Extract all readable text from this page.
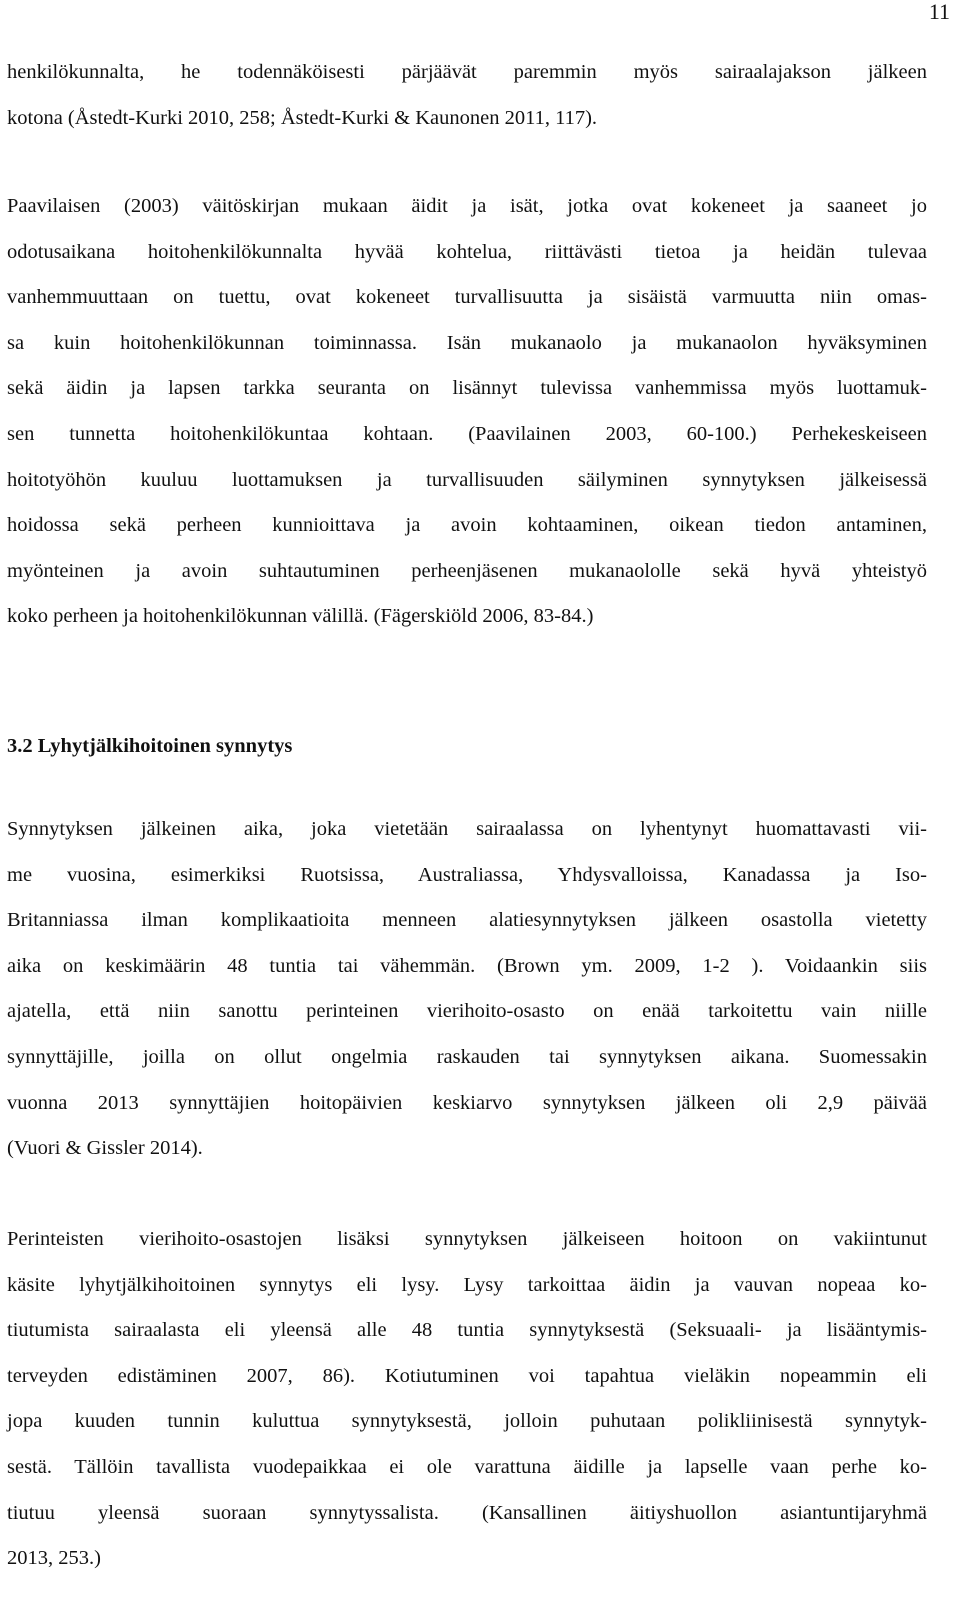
11
henkilökunnalta, he todennäköisesti pärjäävät paremmin myös sairaalajakson jälkeen
kotona (Åstedt-Kurki 2010, 258; Åstedt-Kurki & Kaunonen 2011, 117).
Paavilaisen (2003) väitöskirjan mukaan äidit ja isät, jotka ovat kokeneet ja saaneet jo
odotusaikana hoitohenkilökunnalta hyvää kohtelua, riittävästi tietoa ja heidän tulevaa
vanhemmuuttaan on tuettu, ovat kokeneet turvallisuutta ja sisäistä varmuutta niin omas-
sa kuin hoitohenkilökunnan toiminnassa. Isän mukanaolo ja mukanaolon hyväksyminen
sekä äidin ja lapsen tarkka seuranta on lisännyt tulevissa vanhemmissa myös luottamuk-
sen tunnetta hoitohenkilökuntaa kohtaan. (Paavilainen 2003, 60-100.) Perhekeskeiseen
hoitotyöhön kuuluu luottamuksen ja turvallisuuden säilyminen synnytyksen jälkeisessä
hoidossa sekä perheen kunnioittava ja avoin kohtaaminen, oikean tiedon antaminen,
myönteinen ja avoin suhtautuminen perheenjäsenen mukanaololle sekä hyvä yhteistyö
koko perheen ja hoitohenkilökunnan välillä. (Fägerskiöld 2006, 83-84.)
3.2 Lyhytjälkihoitoinen synnytys
Synnytyksen jälkeinen aika, joka vietetään sairaalassa on lyhentynyt huomattavasti vii-
me vuosina, esimerkiksi Ruotsissa, Australiassa, Yhdysvalloissa, Kanadassa ja Iso-
Britanniassa ilman komplikaatioita menneen alatiesynnytyksen jälkeen osastolla vietetty
aika on keskimäärin 48 tuntia tai vähemmän. (Brown ym. 2009, 1-2 ). Voidaankin siis
ajatella, että niin sanottu perinteinen vierihoito-osasto on enää tarkoitettu vain niille
synnyttäjille, joilla on ollut ongelmia raskauden tai synnytyksen aikana. Suomessakin
vuonna 2013 synnyttäjien hoitopäivien keskiarvo synnytyksen jälkeen oli 2,9 päivää
(Vuori & Gissler 2014).
Perinteisten vierihoito-osastojen lisäksi synnytyksen jälkeiseen hoitoon on vakiintunut
käsite lyhytjälkihoitoinen synnytys eli lysy. Lysy tarkoittaa äidin ja vauvan nopeaa ko-
tiutumista sairaalasta eli yleensä alle 48 tuntia synnytyksestä (Seksuaali- ja lisääntymis-
terveyden edistäminen 2007, 86). Kotiutuminen voi tapahtua vieläkin nopeammin eli
jopa kuuden tunnin kuluttua synnytyksestä, jolloin puhutaan polikliinisestä synnytyk-
sestä. Tällöin tavallista vuodepaikkaa ei ole varattuna äidille ja lapselle vaan perhe ko-
tiutuu yleensä suoraan synnytyssalista. (Kansallinen äitiyshuollon asiantuntijaryhmä
2013, 253.)
